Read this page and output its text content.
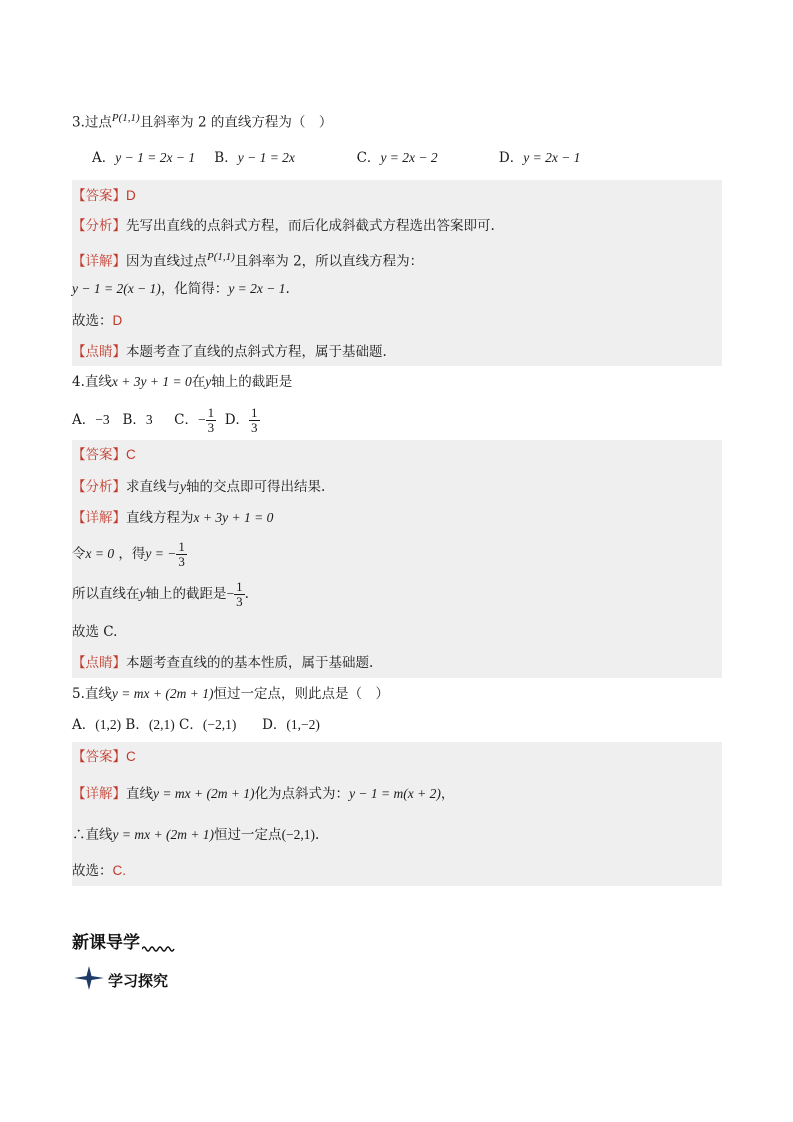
3.过点$^{P(1,1)}$且斜率为 2 的直线方程为（　）
A．y − 1 = 2x − 1 B．y − 1 = 2x	C．y = 2x − 2	D．y = 2x − 1
【答案】D
【分析】先写出直线的点斜式方程，而后化成斜截式方程选出答案即可.
【详解】因为直线过点$^{P(1,1)}$且斜率为 2，所以直线方程为：
y − 1 = 2(x − 1)，化简得：y = 2x − 1.
故选：D
【点睛】本题考查了直线的点斜式方程，属于基础题.
4.直线x + 3y + 1 = 0在y轴上的截距是
A．−3 B．3 C．− $\frac{1}{3}$ D． $\frac{1}{3}$
【答案】C
【分析】求直线与y轴的交点即可得出结果.
【详解】直线方程为x + 3y + 1 = 0
令x = 0 ，得y = − $\frac{1}{3}$
所以直线在y轴上的截距是− $\frac{1}{3}$ .
故选 C.
【点睛】本题考查直线的的基本性质，属于基础题.
5.直线y = mx + (2m + 1)恒过一定点，则此点是（　）
A．(1,2) B．(2,1) C．(−2,1) D．(1,−2)
【答案】C
【详解】直线y = mx + (2m + 1)化为点斜式为：y − 1 = m(x + 2)，
∴直线y = mx + (2m + 1)恒过一定点(−2,1).
故选：C.
新课导学
学习探究
